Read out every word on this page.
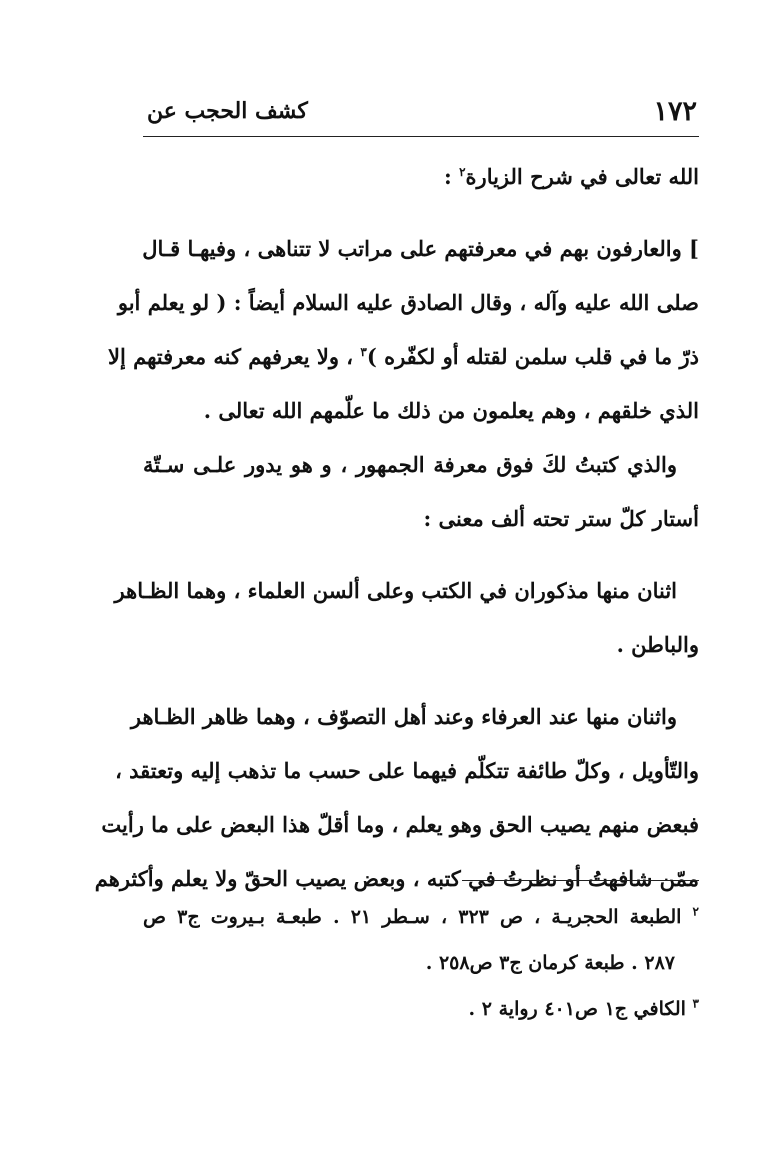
١٧٢
كشف الحجب عن
الله تعالى في شرح الزيارة$^٢$ :
] والعارفون بهم في معرفتهم على مراتب لا تتناهى ، وفيهـا قـال
صلى الله عليه وآله ، وقال الصادق عليه السلام أيضاً : ( لو يعلم أبو
ذرّ ما في قلب سلمن لقتله أو لكفّره )$^٣$ ، ولا يعرفهم كنه معرفتهم إلا
الذي خلقهم ، وهم يعلمون من ذلك ما علّمهم الله تعالى .
والذي كتبتُ لكَ فوق معرفة الجمهور ، و هو يدور علـى سـتّة
أستار كلّ ستر تحته ألف معنى :
اثنان منها مذكوران في الكتب وعلى ألسن العلماء ، وهما الظـاهر
والباطن .
واثنان منها عند العرفاء وعند أهل التصوّف ، وهما ظاهر الظـاهر
والتّأويل ، وكلّ طائفة تتكلّم فيهما على حسب ما تذهب إليه وتعتقد ،
فبعض منهم يصيب الحق وهو يعلم ، وما أقلّ هذا البعض على ما رأيت
ممّن شافهتُ أو نظرتُ في كتبه ، وبعض يصيب الحقّ ولا يعلم وأكثرهم
$^٢$ الطبعة الحجريـة ، ص ٣٢٣ ، سـطر ٢١ . طبعـة بـيروت ج٣ ص
٢٨٧ . طبعة كرمان ج٣ ص٢٥٨ .
$^٣$ الكافي ج١ ص٤٠١ رواية ٢ .
